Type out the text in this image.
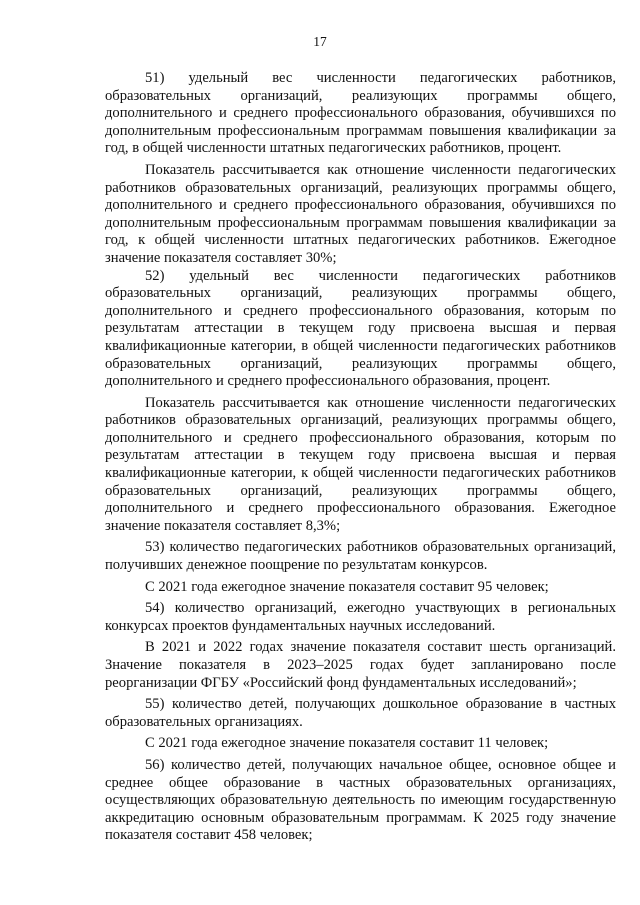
17

51) удельный вес численности педагогических работников, образовательных организаций, реализующих программы общего, дополнительного и среднего профессионального образования, обучившихся по дополнительным профессиональным программам повышения квалификации за год, в общей численности штатных педагогических работников, процент.

Показатель рассчитывается как отношение численности педагогических работников образовательных организаций, реализующих программы общего, дополнительного и среднего профессионального образования, обучившихся по дополнительным профессиональным программам повышения квалификации за год, к общей численности штатных педагогических работников. Ежегодное значение показателя составляет 30%;

52) удельный вес численности педагогических работников образовательных организаций, реализующих программы общего, дополнительного и среднего профессионального образования, которым по результатам аттестации в текущем году присвоена высшая и первая квалификационные категории, в общей численности педагогических работников образовательных организаций, реализующих программы общего, дополнительного и среднего профессионального образования, процент.

Показатель рассчитывается как отношение численности педагогических работников образовательных организаций, реализующих программы общего, дополнительного и среднего профессионального образования, которым по результатам аттестации в текущем году присвоена высшая и первая квалификационные категории, к общей численности педагогических работников образовательных организаций, реализующих программы общего, дополнительного и среднего профессионального образования. Ежегодное значение показателя составляет 8,3%;

53) количество педагогических работников образовательных организаций, получивших денежное поощрение по результатам конкурсов.

С 2021 года ежегодное значение показателя составит 95 человек;

54) количество организаций, ежегодно участвующих в региональных конкурсах проектов фундаментальных научных исследований.

В 2021 и 2022 годах значение показателя составит шесть организаций. Значение показателя в 2023–2025 годах будет запланировано после реорганизации ФГБУ «Российский фонд фундаментальных исследований»;

55) количество детей, получающих дошкольное образование в частных образовательных организациях.

С 2021 года ежегодное значение показателя составит 11 человек;

56) количество детей, получающих начальное общее, основное общее и среднее общее образование в частных образовательных организациях, осуществляющих образовательную деятельность по имеющим государственную аккредитацию основным образовательным программам. К 2025 году значение показателя составит 458 человек;
